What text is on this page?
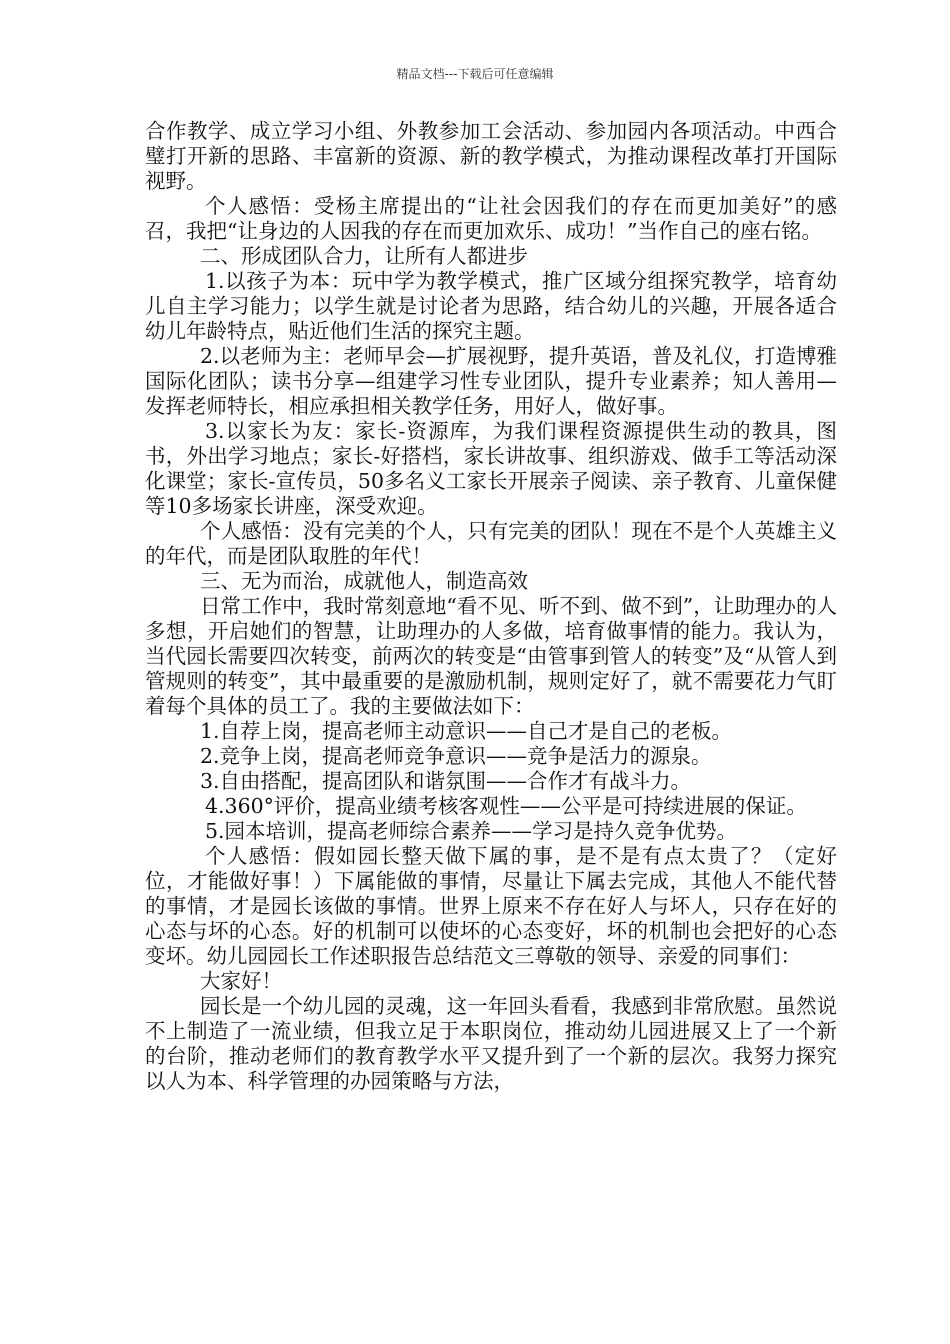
精品文档---下载后可任意编辑

合作教学、成立学习小组、外教参加工会活动、参加园内各项活动。中西合璧打开新的思路、丰富新的资源、新的教学模式，为推动课程改革打开国际视野。

个人感悟：受杨主席提出的“让社会因我们的存在而更加美好”的感召，我把“让身边的人因我的存在而更加欢乐、成功！”当作自己的座右铭。

二、形成团队合力，让所有人都进步

1.以孩子为本：玩中学为教学模式，推广区域分组探究教学，培育幼儿自主学习能力；以学生就是讨论者为思路，结合幼儿的兴趣，开展各适合幼儿年龄特点，贴近他们生活的探究主题。

2.以老师为主：老师早会—扩展视野，提升英语，普及礼仪，打造博雅国际化团队；读书分享—组建学习性专业团队，提升专业素养；知人善用—发挥老师特长，相应承担相关教学任务，用好人，做好事。

3.以家长为友：家长-资源库，为我们课程资源提供生动的教具，图书，外出学习地点；家长-好搭档，家长讲故事、组织游戏、做手工等活动深化课堂；家长-宣传员，50多名义工家长开展亲子阅读、亲子教育、儿童保健等10多场家长讲座，深受欢迎。

个人感悟：没有完美的个人，只有完美的团队！现在不是个人英雄主义的年代，而是团队取胜的年代！

三、无为而治，成就他人，制造高效

日常工作中，我时常刻意地“看不见、听不到、做不到”，让助理办的人多想，开启她们的智慧，让助理办的人多做，培育做事情的能力。我认为，当代园长需要四次转变，前两次的转变是“由管事到管人的转变”及“从管人到管规则的转变”，其中最重要的是激励机制，规则定好了，就不需要花力气盯着每个具体的员工了。我的主要做法如下：

1.自荐上岗，提高老师主动意识——自己才是自己的老板。

2.竞争上岗，提高老师竞争意识——竞争是活力的源泉。

3.自由搭配，提高团队和谐氛围——合作才有战斗力。

4.360°评价，提高业绩考核客观性——公平是可持续进展的保证。

5.园本培训，提高老师综合素养——学习是持久竞争优势。

个人感悟：假如园长整天做下属的事，是不是有点太贵了？（定好位，才能做好事！）下属能做的事情，尽量让下属去完成，其他人不能代替的事情，才是园长该做的事情。世界上原来不存在好人与坏人，只存在好的心态与坏的心态。好的机制可以使坏的心态变好，坏的机制也会把好的心态变坏。幼儿园园长工作述职报告总结范文三尊敬的领导、亲爱的同事们：

大家好！

园长是一个幼儿园的灵魂，这一年回头看看，我感到非常欣慰。虽然说不上制造了一流业绩，但我立足于本职岗位，推动幼儿园进展又上了一个新的台阶，推动老师们的教育教学水平又提升到了一个新的层次。我努力探究以人为本、科学管理的办园策略与方法，
